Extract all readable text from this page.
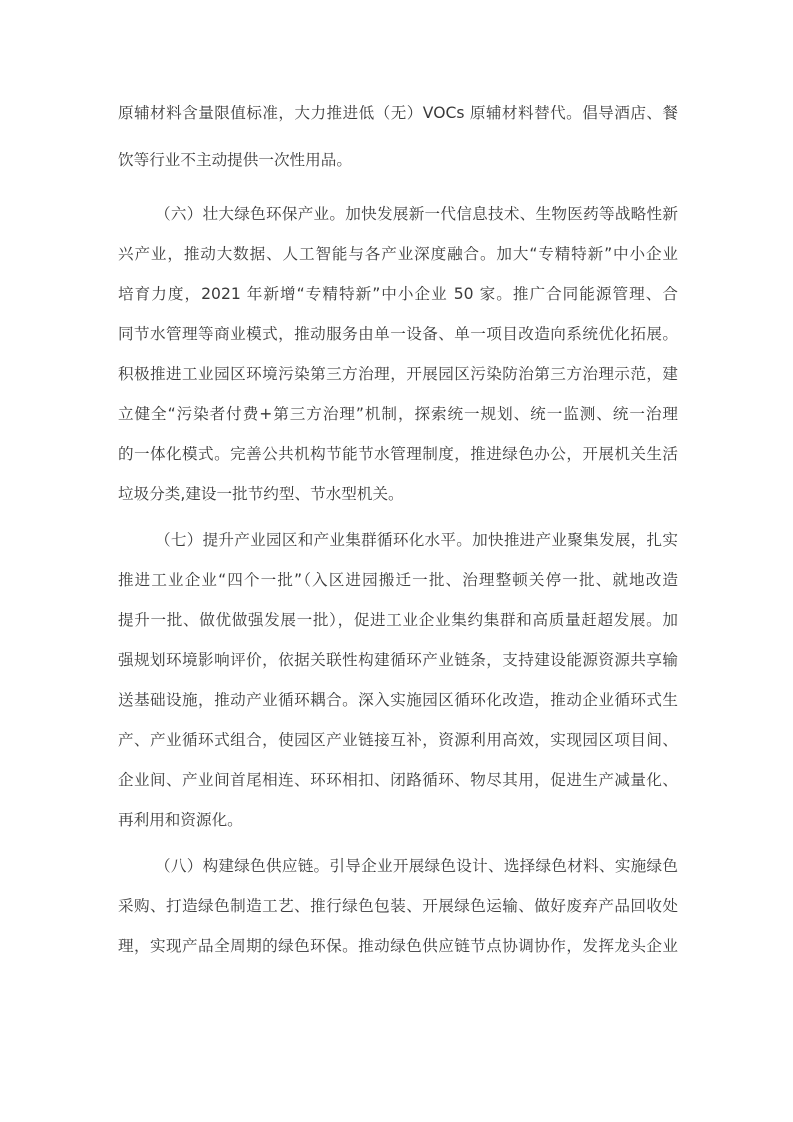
原辅材料含量限值标准，大力推进低（无）VOCs 原辅材料替代。倡导酒店、餐
饮等行业不主动提供一次性用品。
（六）壮大绿色环保产业。加快发展新一代信息技术、生物医药等战略性新
兴产业，推动大数据、人工智能与各产业深度融合。加大“专精特新”中小企业
培育力度，2021 年新增“专精特新”中小企业 50 家。推广合同能源管理、合
同节水管理等商业模式，推动服务由单一设备、单一项目改造向系统优化拓展。
积极推进工业园区环境污染第三方治理，开展园区污染防治第三方治理示范，建
立健全“污染者付费+第三方治理”机制，探索统一规划、统一监测、统一治理
的一体化模式。完善公共机构节能节水管理制度，推进绿色办公，开展机关生活
垃圾分类,建设一批节约型、节水型机关。
（七）提升产业园区和产业集群循环化水平。加快推进产业聚集发展，扎实
推进工业企业“四个一批”（入区进园搬迁一批、治理整顿关停一批、就地改造
提升一批、做优做强发展一批），促进工业企业集约集群和高质量赶超发展。加
强规划环境影响评价，依据关联性构建循环产业链条，支持建设能源资源共享输
送基础设施，推动产业循环耦合。深入实施园区循环化改造，推动企业循环式生
产、产业循环式组合，使园区产业链接互补，资源利用高效，实现园区项目间、
企业间、产业间首尾相连、环环相扣、闭路循环、物尽其用，促进生产减量化、
再利用和资源化。
（八）构建绿色供应链。引导企业开展绿色设计、选择绿色材料、实施绿色
采购、打造绿色制造工艺、推行绿色包装、开展绿色运输、做好废弃产品回收处
理，实现产品全周期的绿色环保。推动绿色供应链节点协调协作，发挥龙头企业
